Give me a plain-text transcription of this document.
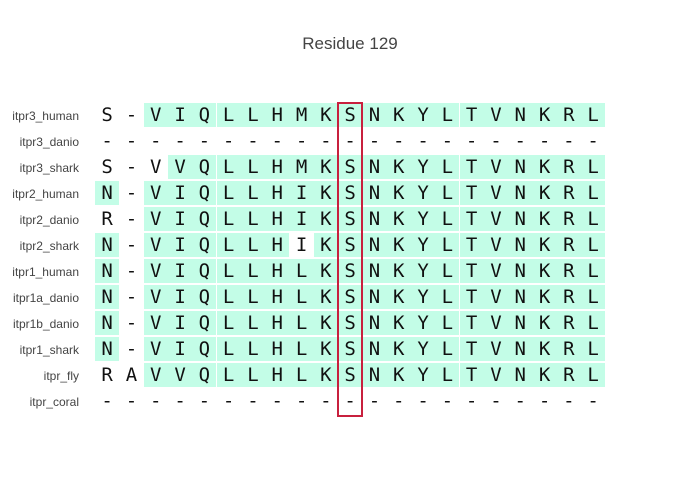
Residue 129
itpr3_human	S - V I Q L L H M K S N K Y L T V N K R L
itpr3_danio	- - - - - - - - - - - - - - - - - - - - -
itpr3_shark	S - V V Q L L H M K S N K Y L T V N K R L
itpr2_human	N - V I Q L L H I K S N K Y L T V N K R L
itpr2_danio	R - V I Q L L H I K S N K Y L T V N K R L
itpr2_shark	N - V I Q L L H I K S N K Y L T V N K R L
itpr1_human	N - V I Q L L H L K S N K Y L T V N K R L
itpr1a_danio	N - V I Q L L H L K S N K Y L T V N K R L
itpr1b_danio	N - V I Q L L H L K S N K Y L T V N K R L
itpr1_shark	N - V I Q L L H L K S N K Y L T V N K R L
itpr_fly	R A V V Q L L H L K S N K Y L T V N K R L
itpr_coral	- - - - - - - - - - - - - - - - - - - - -
